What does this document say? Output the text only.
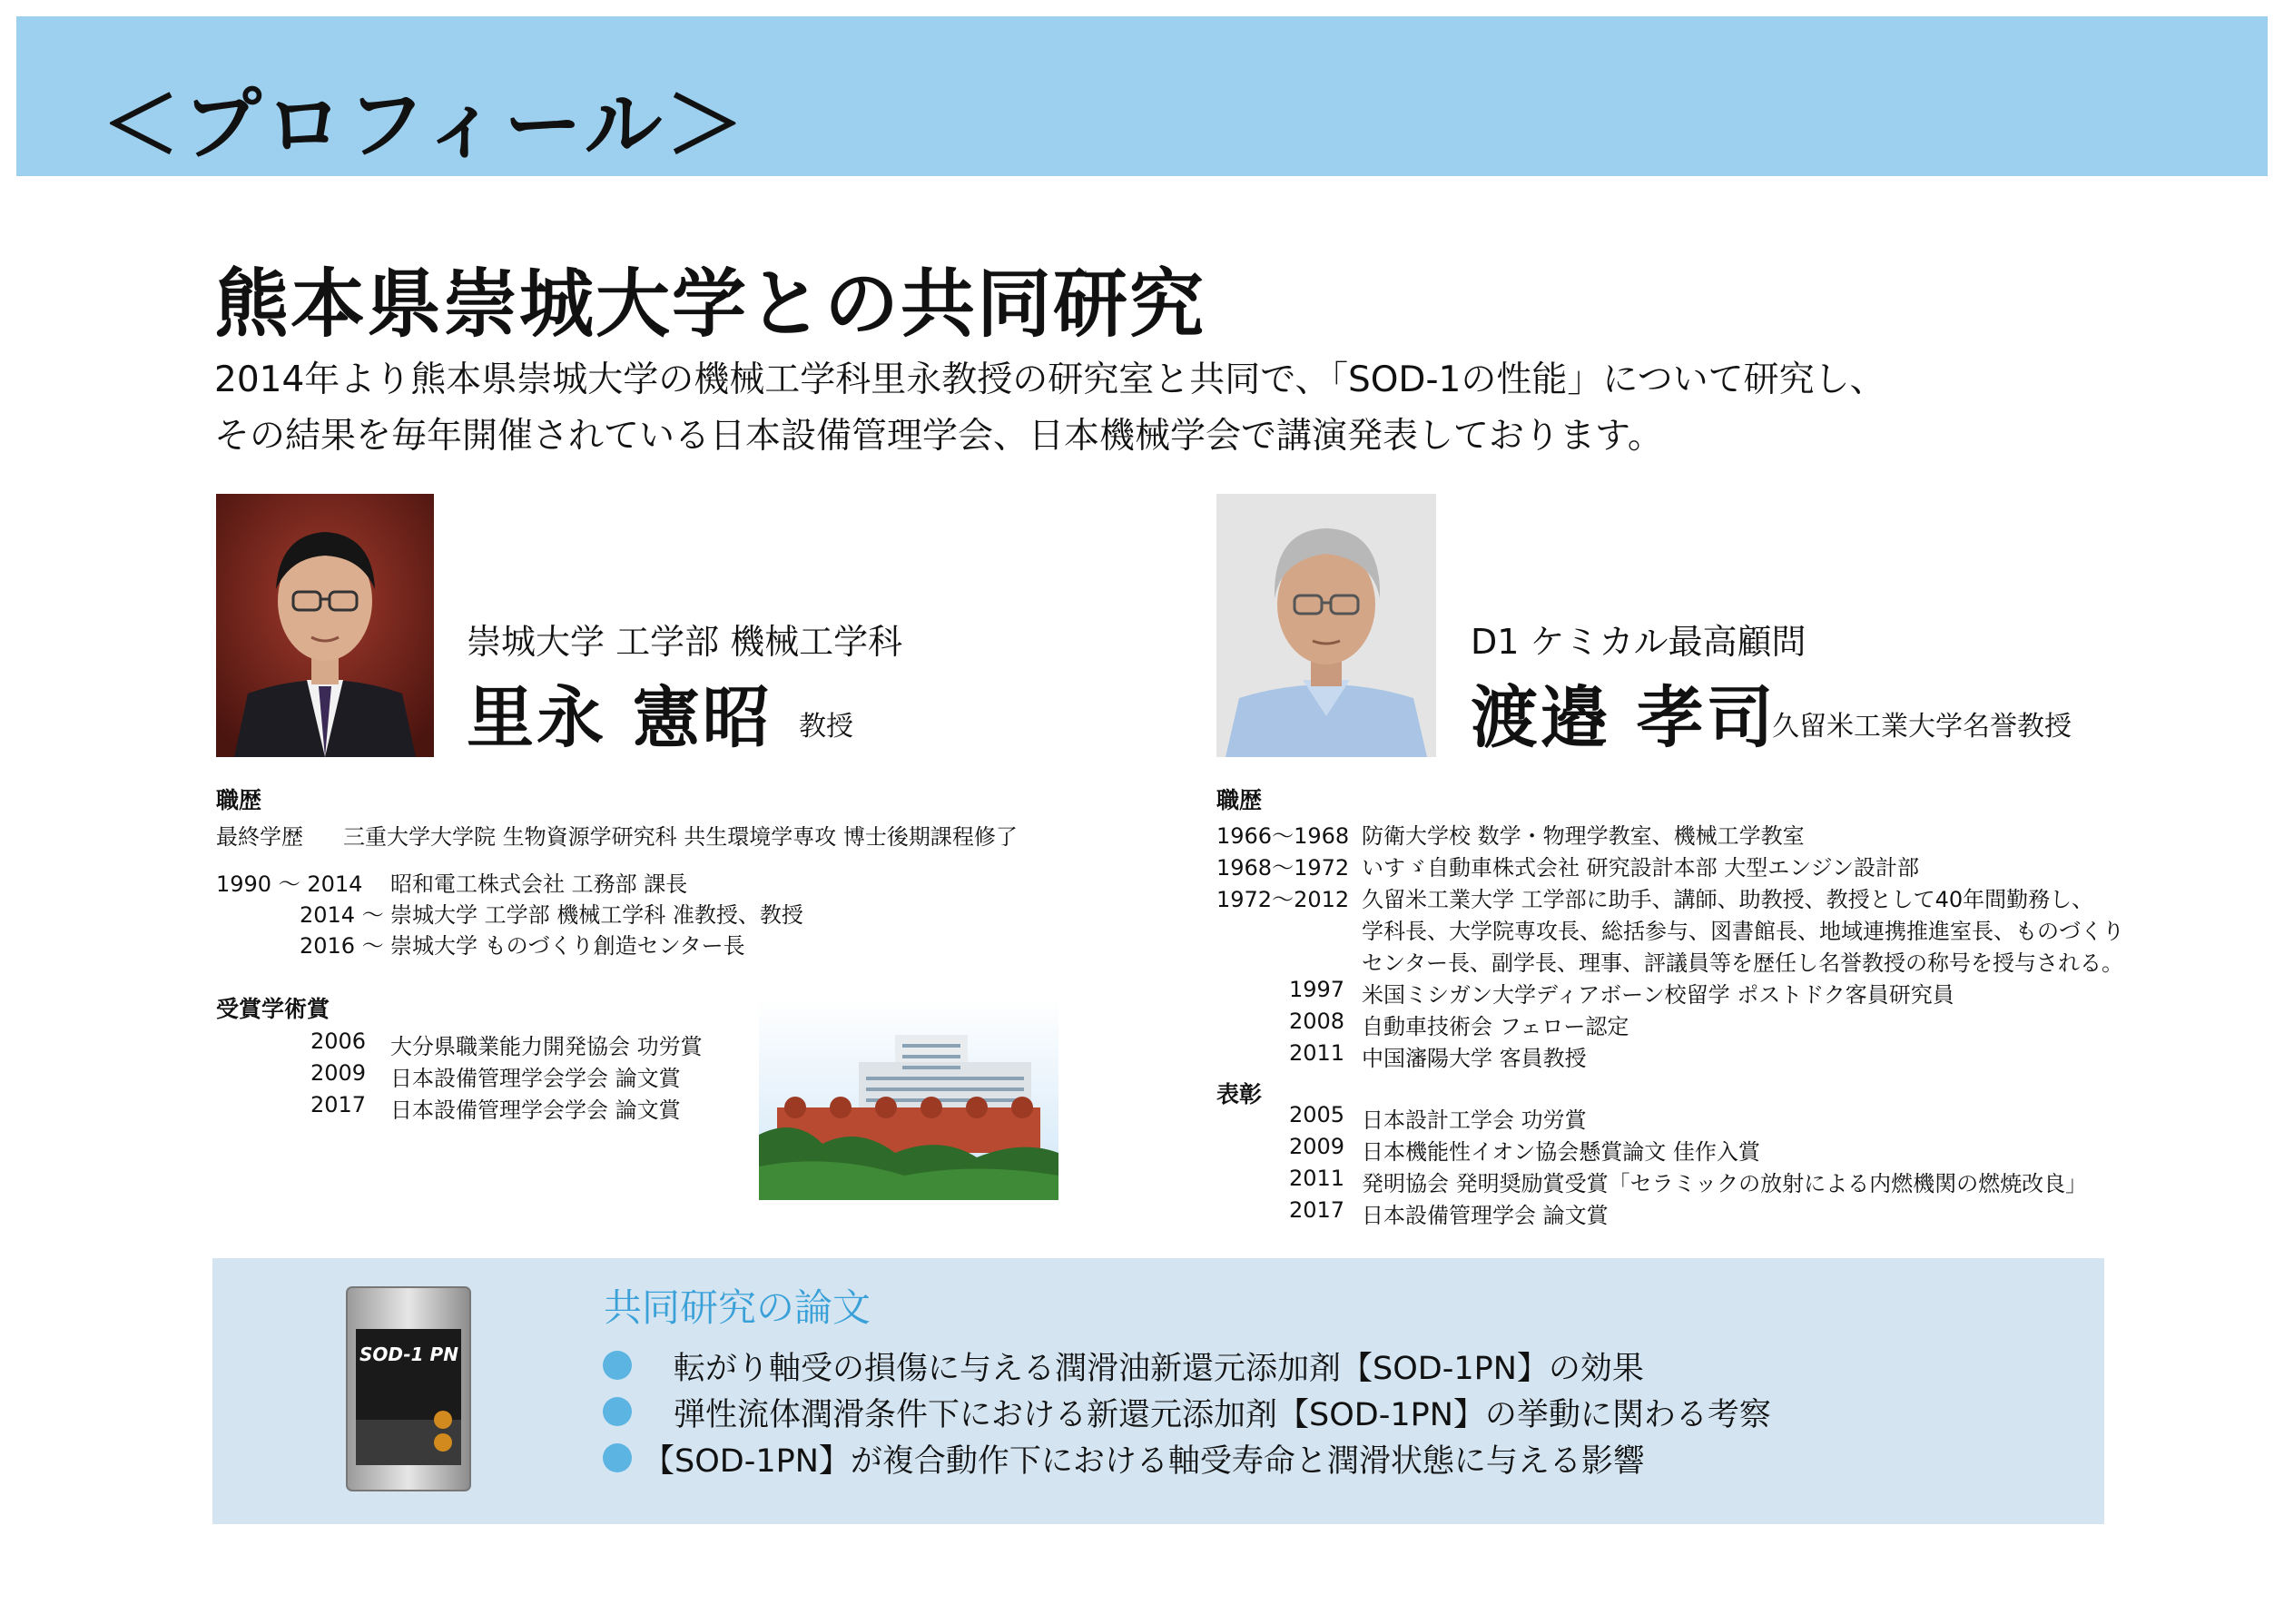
＜プロフィール＞
熊本県崇城大学との共同研究
2014年より熊本県崇城大学の機械工学科里永教授の研究室と共同で、「SOD-1の性能」について研究し、
その結果を毎年開催されている日本設備管理学会、日本機械学会で講演発表しております。
崇城大学 工学部 機械工学科
里永 憲昭 教授
職歴
最終学歴 三重大学大学院 生物資源学研究科 共生環境学専攻 博士後期課程修了
1990 ～ 2014 昭和電工株式会社 工務部 課長
2014 ～ 崇城大学 工学部 機械工学科 准教授、教授
2016 ～ 崇城大学 ものづくり創造センター長
受賞学術賞
2006 大分県職業能力開発協会 功労賞
2009 日本設備管理学会学会 論文賞
2017 日本設備管理学会学会 論文賞
D1 ケミカル最高顧問
渡邉 孝司
久留米工業大学名誉教授
職歴
1966～1968 防衛大学校 数学・物理学教室、機械工学教室
1968～1972 いすゞ自動車株式会社 研究設計本部 大型エンジン設計部
1972～2012 久留米工業大学 工学部に助手、講師、助教授、教授として40年間勤務し、
学科長、大学院専攻長、総括参与、図書館長、地域連携推進室長、ものづくり
センター長、副学長、理事、評議員等を歴任し名誉教授の称号を授与される。
1997 米国ミシガン大学ディアボーン校留学 ポストドク客員研究員
2008 自動車技術会 フェロー認定
2011 中国瀋陽大学 客員教授
表彰
2005 日本設計工学会 功労賞
2009 日本機能性イオン協会懸賞論文 佳作入賞
2011 発明協会 発明奨励賞受賞「セラミックの放射による内燃機関の燃焼改良」
2017 日本設備管理学会 論文賞
SOD-1 PN
共同研究の論文
転がり軸受の損傷に与える潤滑油新還元添加剤【SOD-1PN】の効果
弾性流体潤滑条件下における新還元添加剤【SOD-1PN】の挙動に関わる考察
【SOD-1PN】が複合動作下における軸受寿命と潤滑状態に与える影響
